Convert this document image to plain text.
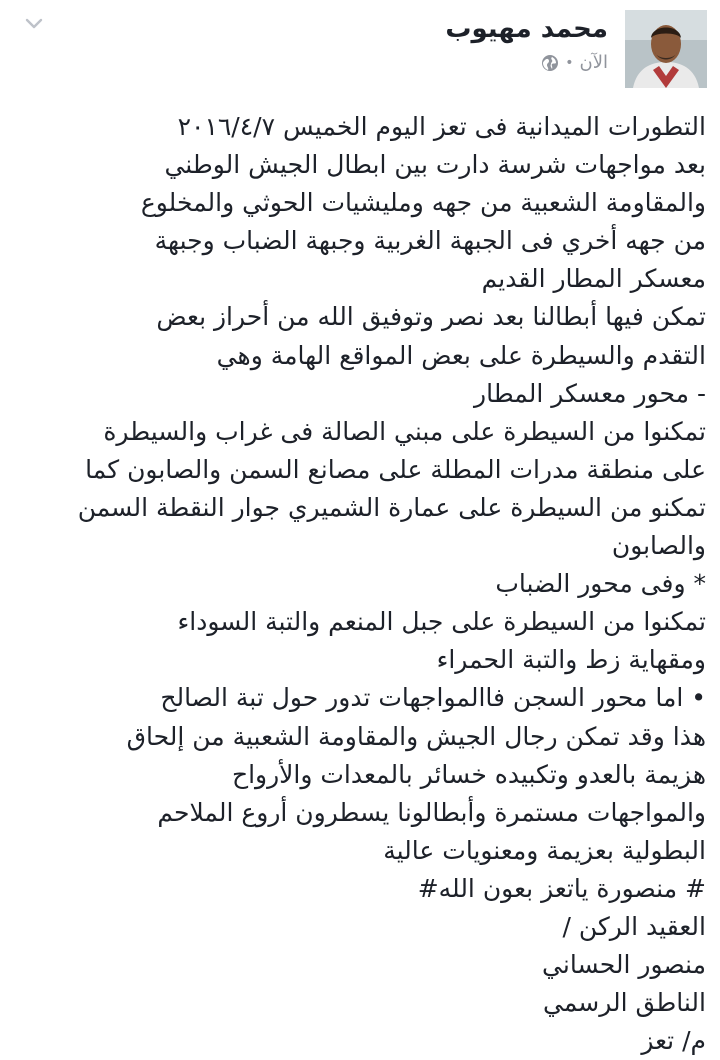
محمد مهيوب
الآن
•
التطورات الميدانية فى تعز اليوم الخميس ٢٠١٦/٤/٧
بعد مواجهات شرسة دارت بين ابطال الجيش الوطني
والمقاومة الشعبية من جهه ومليشيات الحوثي والمخلوع
من جهه أخري فى الجبهة الغربية وجبهة الضباب وجبهة
معسكر المطار القديم
تمكن فيها أبطالنا بعد نصر وتوفيق الله من أحراز بعض
التقدم والسيطرة على بعض المواقع الهامة وهي
- محور معسكر المطار
تمكنوا من السيطرة على مبني الصالة فى غراب والسيطرة
على منطقة مدرات المطلة على مصانع السمن والصابون كما
تمكنو من السيطرة على عمارة الشميري جوار النقطة السمن
والصابون
* وفى محور الضباب
تمكنوا من السيطرة على جبل المنعم والتبة السوداء
ومقهاية زط والتبة الحمراء
• اما محور السجن فاالمواجهات تدور حول تبة الصالح
هذا وقد تمكن رجال الجيش والمقاومة الشعبية من إلحاق
هزيمة بالعدو وتكبيده خسائر بالمعدات والأرواح
والمواجهات مستمرة وأبطالونا يسطرون أروع الملاحم
البطولية بعزيمة ومعنويات عالية
# منصورة ياتعز بعون الله#
العقيد الركن /
منصور الحساني
الناطق الرسمي
م/ تعز
